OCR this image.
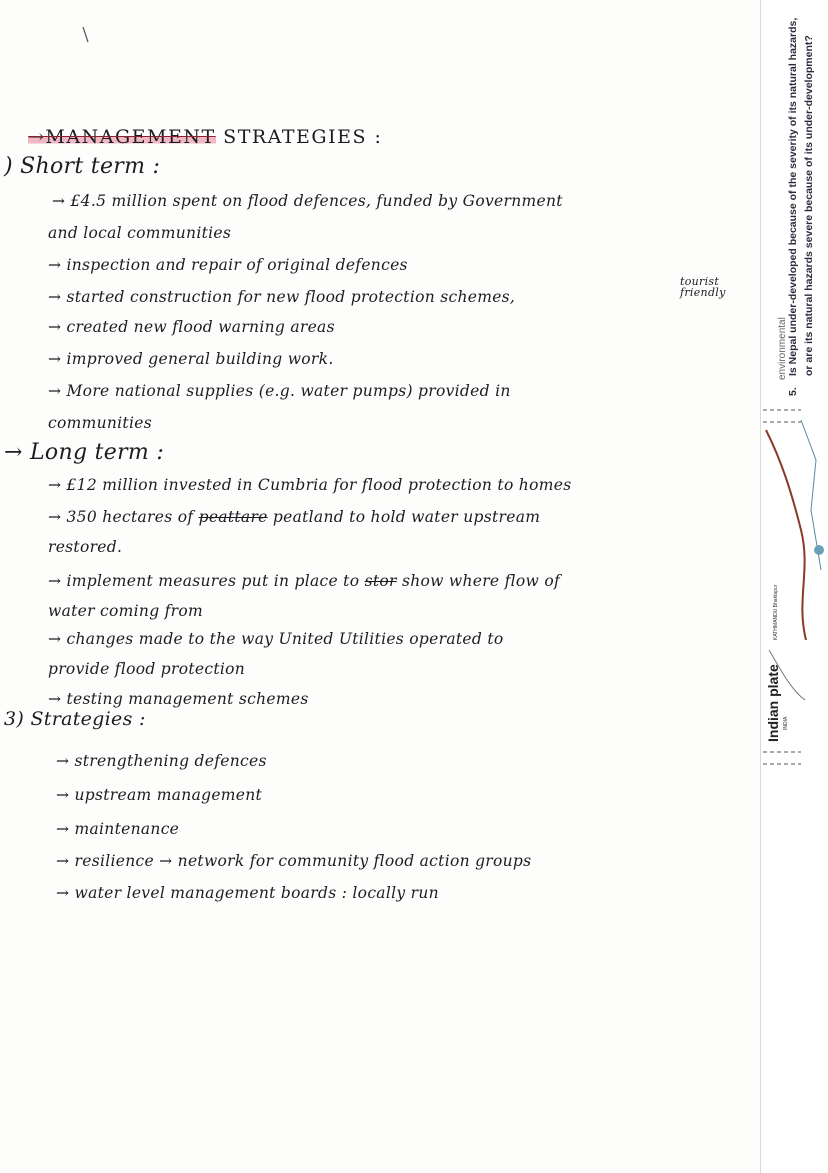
→MANAGEMENT STRATEGIES :
) Short term :
→ £4.5 million spent on flood defences, funded by Government
and local communities
→ inspection and repair of original defences
→ started construction for new flood protection schemes,
tourist friendly
→ created new flood warning areas
→ improved general building work.
→ More national supplies (e.g. water pumps) provided in
communities
→ Long term :
→ £12 million invested in Cumbria for flood protection to homes
→ 350 hectares of peattare peatland to hold water upstream
restored.
→ implement measures put in place to stor show where flow of
water coming from
→ changes made to the way United Utilities operated to
provide flood protection
→ testing management schemes
3) Strategies :
→ strengthening defences
→ upstream management
→ maintenance
→ resilience → network for community flood action groups
→ water level management boards : locally run
environmental
5.
Is Nepal under-developed because of the severity of its natural hazards, or are its natural hazards severe because of its under-development?
KATHMANDU Bhaktapur
Indian plate INDIA
